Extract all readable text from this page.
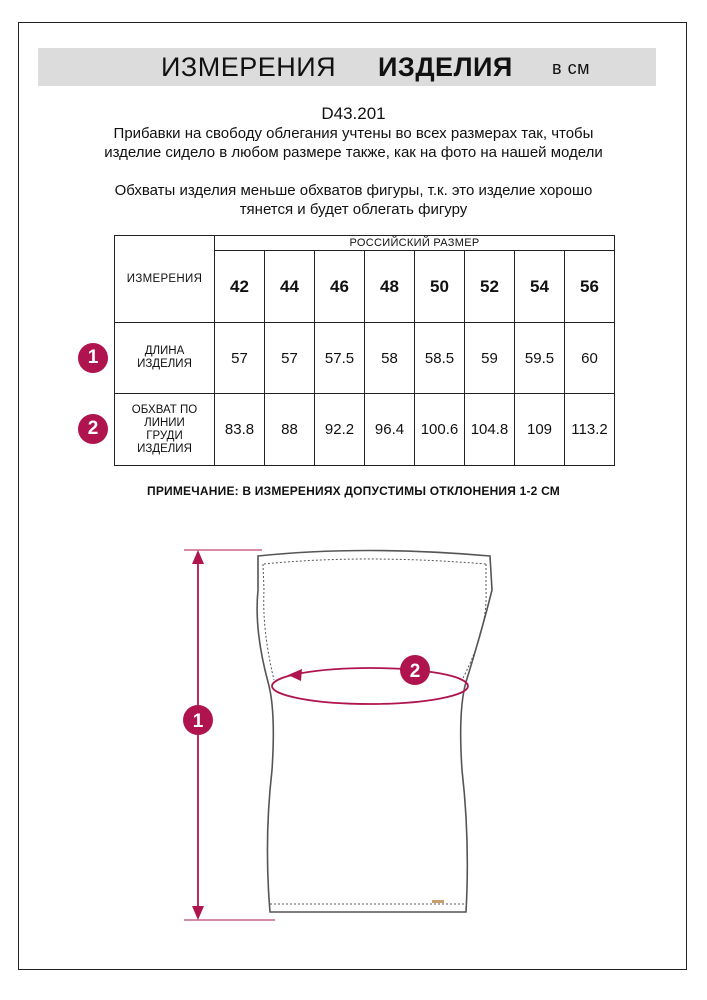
ИЗМЕРЕНИЯ ИЗДЕЛИЯ в см
D43.201
Прибавки на свободу облегания учтены во всех размерах так, чтобы изделие сидело в любом размере также, как на фото на нашей модели
Обхваты изделия меньше обхватов фигуры, т.к. это изделие хорошо тянется и будет облегать фигуру
ИЗМЕРЕНИЯ	РОССИЙСКИЙ РАЗМЕР							
	42	44	46	48	50	52	54	56
ДЛИНА ИЗДЕЛИЯ	57	57	57.5	58	58.5	59	59.5	60
ОБХВАТ ПО ЛИНИИ ГРУДИ ИЗДЕЛИЯ	83.8	88	92.2	96.4	100.6	104.8	109	113.2
1
2
ПРИМЕЧАНИЕ: В ИЗМЕРЕНИЯХ ДОПУСТИМЫ ОТКЛОНЕНИЯ 1-2 СМ
1
2
